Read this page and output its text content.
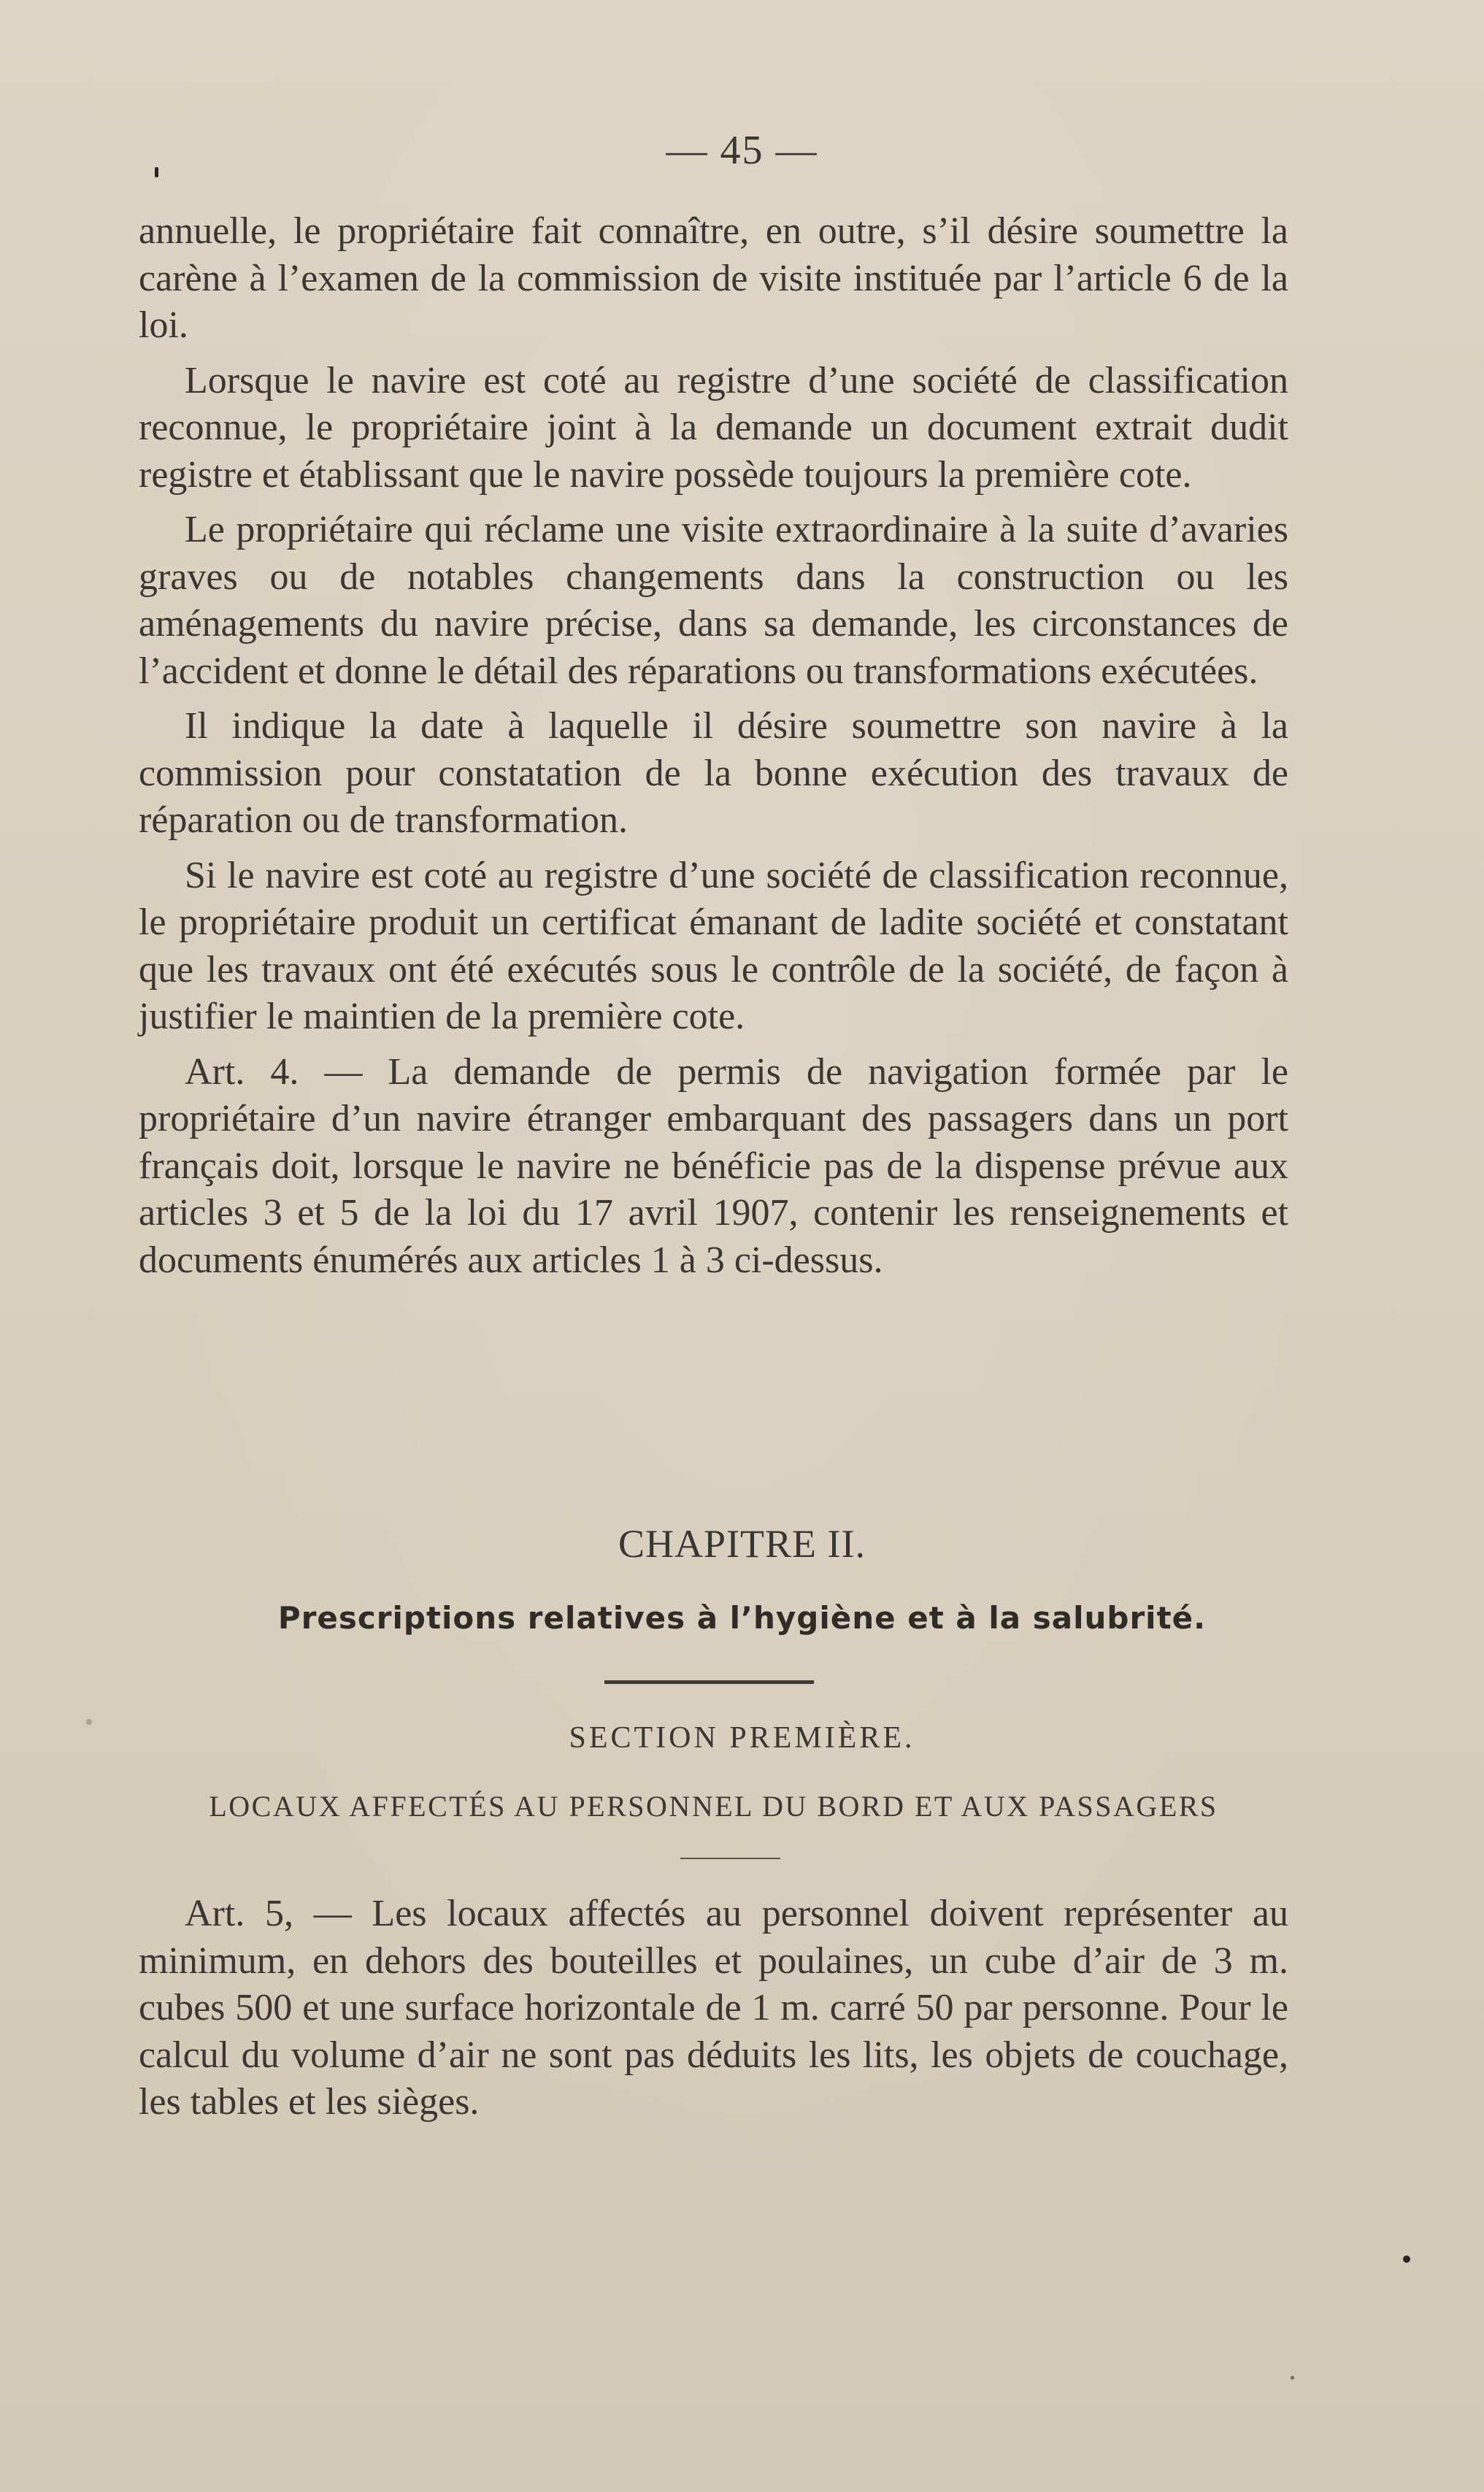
— 45 —

annuelle, le propriétaire fait connaître, en outre, s’il désire soumettre la carène à l’examen de la commission de visite instituée par l’article 6 de la loi.

Lorsque le navire est coté au registre d’une société de classification reconnue, le propriétaire joint à la demande un document extrait dudit registre et établissant que le navire possède toujours la première cote.

Le propriétaire qui réclame une visite extraordinaire à la suite d’avaries graves ou de notables changements dans la construction ou les aménagements du navire précise, dans sa demande, les circonstances de l’accident et donne le détail des réparations ou transformations exécutées.

Il indique la date à laquelle il désire soumettre son navire à la commission pour constatation de la bonne exécution des travaux de réparation ou de transformation.

Si le navire est coté au registre d’une société de classification reconnue, le propriétaire produit un certificat émanant de ladite société et constatant que les travaux ont été exécutés sous le contrôle de la société, de façon à justifier le maintien de la première cote.

Art. 4. — La demande de permis de navigation formée par le propriétaire d’un navire étranger embarquant des passagers dans un port français doit, lorsque le navire ne bénéficie pas de la dispense prévue aux articles 3 et 5 de la loi du 17 avril 1907, contenir les renseignements et documents énumérés aux articles 1 à 3 ci-dessus.

CHAPITRE II.
Prescriptions relatives à l’hygiène et à la salubrité.
SECTION PREMIÈRE.
LOCAUX AFFECTÉS AU PERSONNEL DU BORD ET AUX PASSAGERS

Art. 5, — Les locaux affectés au personnel doivent représenter au minimum, en dehors des bouteilles et poulaines, un cube d’air de 3 m. cubes 500 et une surface horizontale de 1 m. carré 50 par personne. Pour le calcul du volume d’air ne sont pas déduits les lits, les objets de couchage, les tables et les sièges.
